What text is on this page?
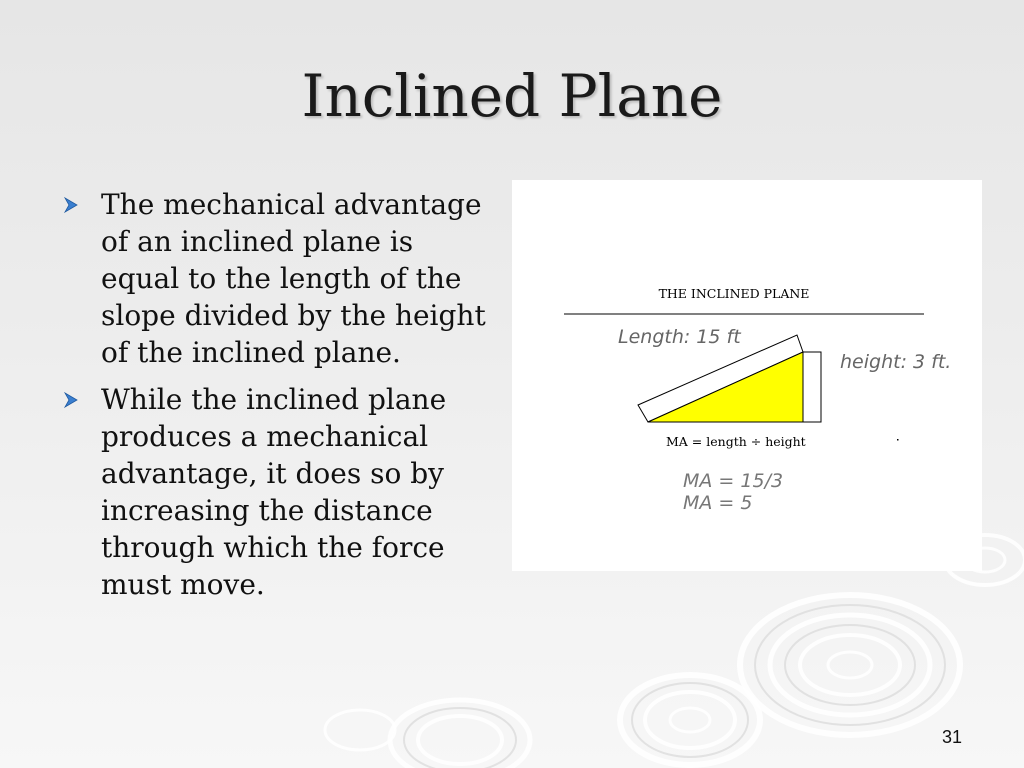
Inclined Plane
The mechanical advantage of an inclined plane is equal to the length of the slope divided by the height of the inclined plane.
While the inclined plane produces a mechanical advantage, it does so by increasing the distance through which the force must move.
THE INCLINED PLANE
Length: 15 ft
height: 3 ft.
MA = length ÷ height
MA = 15/3
MA = 5
31
